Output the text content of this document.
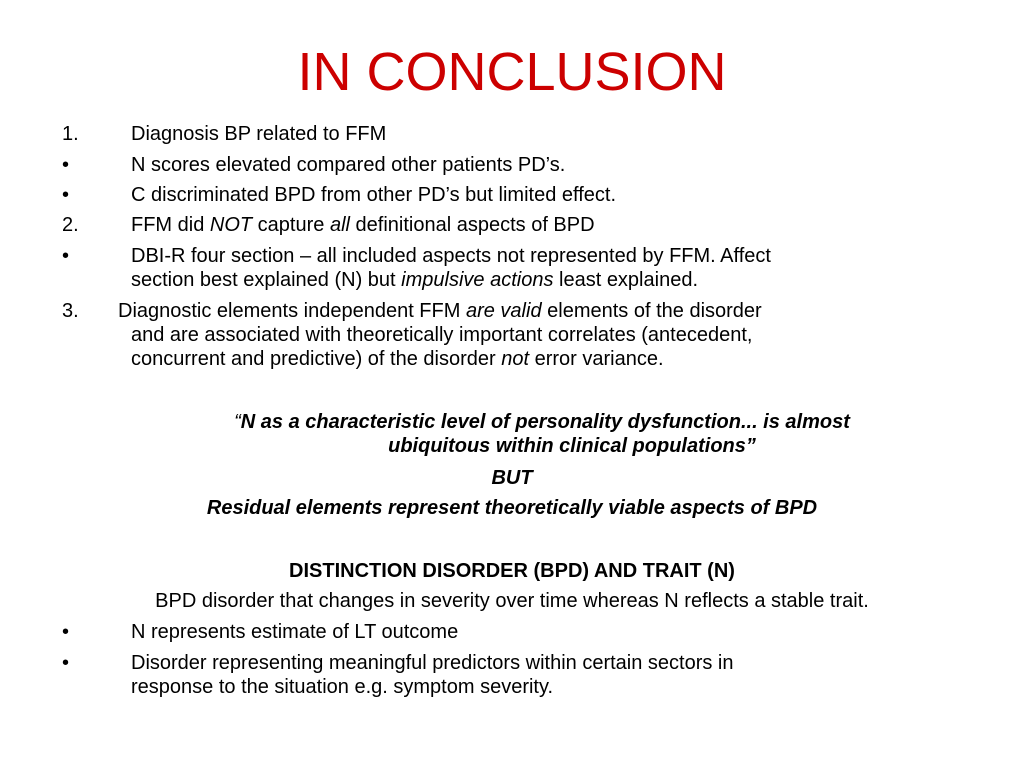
IN CONCLUSION
1.	Diagnosis BP related to FFM
•	N scores elevated compared other patients PD’s.
•	C discriminated BPD from other PD’s but limited effect.
2.	FFM did NOT capture all definitional aspects of BPD
•	DBI-R four section – all included aspects not represented by FFM. Affect
section best explained (N) but impulsive actions least explained.
3. Diagnostic elements independent FFM are valid elements of the disorder
and are associated with theoretically important correlates (antecedent,
concurrent and predictive) of the disorder not error variance.
“N as a characteristic level of personality dysfunction... is almost
ubiquitous within clinical populations”
BUT
Residual elements represent theoretically viable aspects of BPD
DISTINCTION DISORDER (BPD) AND TRAIT (N)
BPD disorder that changes in severity over time whereas N reflects a stable trait.
•	N represents estimate of LT outcome
•	Disorder representing meaningful predictors within certain sectors in
response to the situation e.g. symptom severity.
